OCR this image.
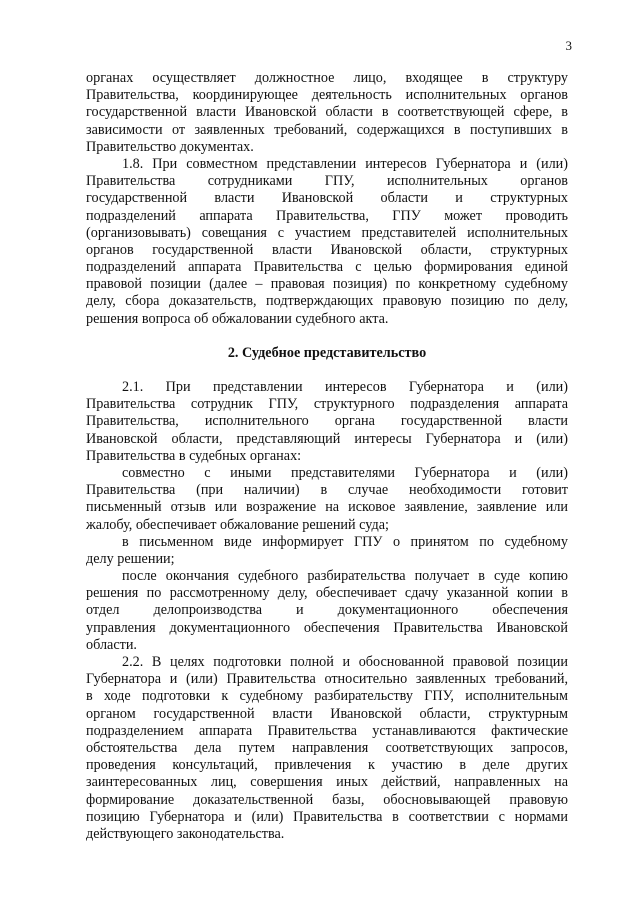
3
органах осуществляет должностное лицо, входящее в структуру
Правительства, координирующее деятельность исполнительных органов
государственной власти Ивановской области в соответствующей сфере, в
зависимости от заявленных требований, содержащихся в поступивших в
Правительство документах.
1.8. При совместном представлении интересов Губернатора и (или)
Правительства сотрудниками ГПУ, исполнительных органов
государственной власти Ивановской области и структурных
подразделений аппарата Правительства, ГПУ может проводить
(организовывать) совещания с участием представителей исполнительных
органов государственной власти Ивановской области, структурных
подразделений аппарата Правительства с целью формирования единой
правовой позиции (далее – правовая позиция) по конкретному судебному
делу, сбора доказательств, подтверждающих правовую позицию по делу,
решения вопроса об обжаловании судебного акта.
2. Судебное представительство
2.1. При представлении интересов Губернатора и (или)
Правительства сотрудник ГПУ, структурного подразделения аппарата
Правительства, исполнительного органа государственной власти
Ивановской области, представляющий интересы Губернатора и (или)
Правительства в судебных органах:
совместно с иными представителями Губернатора и (или)
Правительства (при наличии) в случае необходимости готовит
письменный отзыв или возражение на исковое заявление, заявление или
жалобу, обеспечивает обжалование решений суда;
в письменном виде информирует ГПУ о принятом по судебному
делу решении;
после окончания судебного разбирательства получает в суде копию
решения по рассмотренному делу, обеспечивает сдачу указанной копии в
отдел делопроизводства и документационного обеспечения
управления документационного обеспечения Правительства Ивановской
области.
2.2. В целях подготовки полной и обоснованной правовой позиции
Губернатора и (или) Правительства относительно заявленных требований,
в ходе подготовки к судебному разбирательству ГПУ, исполнительным
органом государственной власти Ивановской области, структурным
подразделением аппарата Правительства устанавливаются фактические
обстоятельства дела путем направления соответствующих запросов,
проведения консультаций, привлечения к участию в деле других
заинтересованных лиц, совершения иных действий, направленных на
формирование доказательственной базы, обосновывающей правовую
позицию Губернатора и (или) Правительства в соответствии с нормами
действующего законодательства.
